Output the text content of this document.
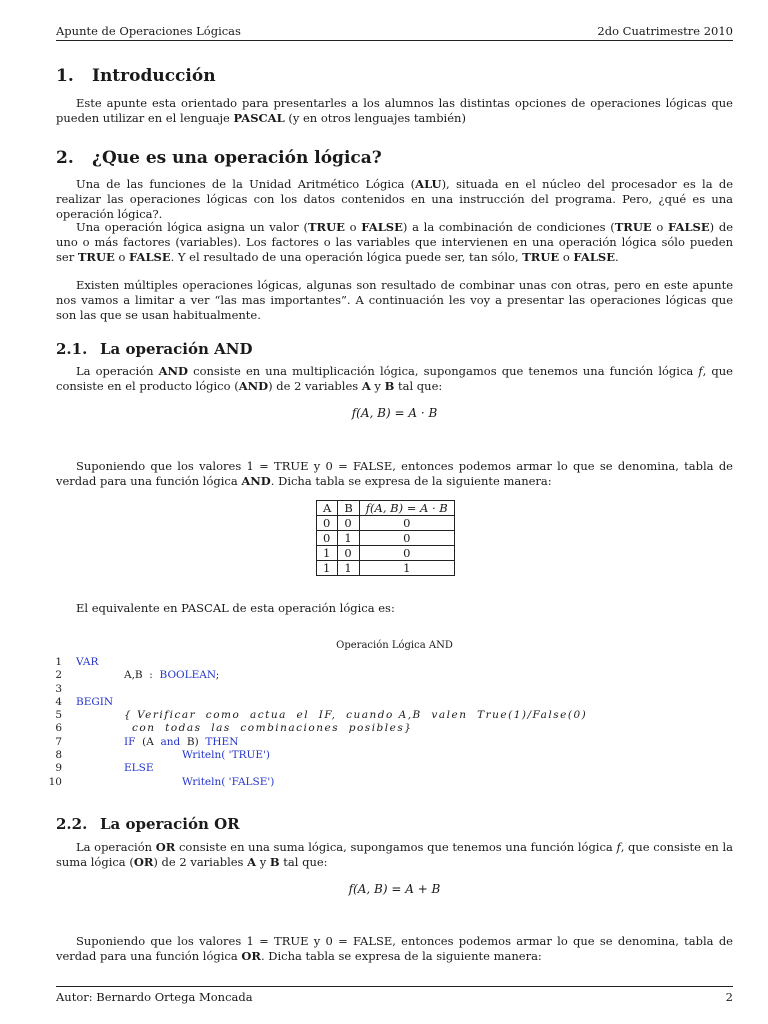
Apunte de Operaciones Lógicas	2do Cuatrimestre 2010
1. Introducción

Este apunte esta orientado para presentarles a los alumnos las distintas opciones de operaciones lógicas que pueden utilizar en el lenguaje PASCAL (y en otros lenguajes también)

2. ¿Que es una operación lógica?

Una de las funciones de la Unidad Aritmético Lógica (ALU), situada en el núcleo del procesador es la de realizar las operaciones lógicas con los datos contenidos en una instrucción del programa. Pero, ¿qué es una operación lógica?.

Una operación lógica asigna un valor (TRUE o FALSE) a la combinación de condiciones (TRUE o FALSE) de uno o más factores (variables). Los factores o las variables que intervienen en una operación lógica sólo pueden ser TRUE o FALSE. Y el resultado de una operación lógica puede ser, tan sólo, TRUE o FALSE.

Existen múltiples operaciones lógicas, algunas son resultado de combinar unas con otras, pero en este apunte nos vamos a limitar a ver “las mas importantes”. A continuación les voy a presentar las operaciones lógicas que son las que se usan habitualmente.

2.1. La operación AND

La operación AND consiste en una multiplicación lógica, supongamos que tenemos una función lógica f, que consiste en el producto lógico (AND) de 2 variables A y B tal que:

f(A, B) = A · B

Suponiendo que los valores 1 = TRUE y 0 = FALSE, entonces podemos armar lo que se denomina, tabla de verdad para una función lógica AND. Dicha tabla se expresa de la siguiente manera:

A	B	f(A, B) = A · B
0	0	0
0	1	0
1	0	0
1	1	1

El equivalente en PASCAL de esta operación lógica es:

Operación Lógica AND
1 VAR
2	A,B  :  BOOLEAN;
3
4 BEGIN
5	{ Verificar  como  actua  el  IF,  cuando A,B  valen  True(1)/False(0)
6	con  todas  las  combinaciones  posibles}
7	IF  (A  and  B)  THEN
8	Writeln( 'TRUE')
9	ELSE
10	Writeln( 'FALSE')
2.2. La operación OR

La operación OR consiste en una suma lógica, supongamos que tenemos una función lógica f, que consiste en la suma lógica (OR) de 2 variables A y B tal que:

f(A, B) = A + B

Suponiendo que los valores 1 = TRUE y 0 = FALSE, entonces podemos armar lo que se denomina, tabla de verdad para una función lógica OR. Dicha tabla se expresa de la siguiente manera:

Autor: Bernardo Ortega Moncada	2
